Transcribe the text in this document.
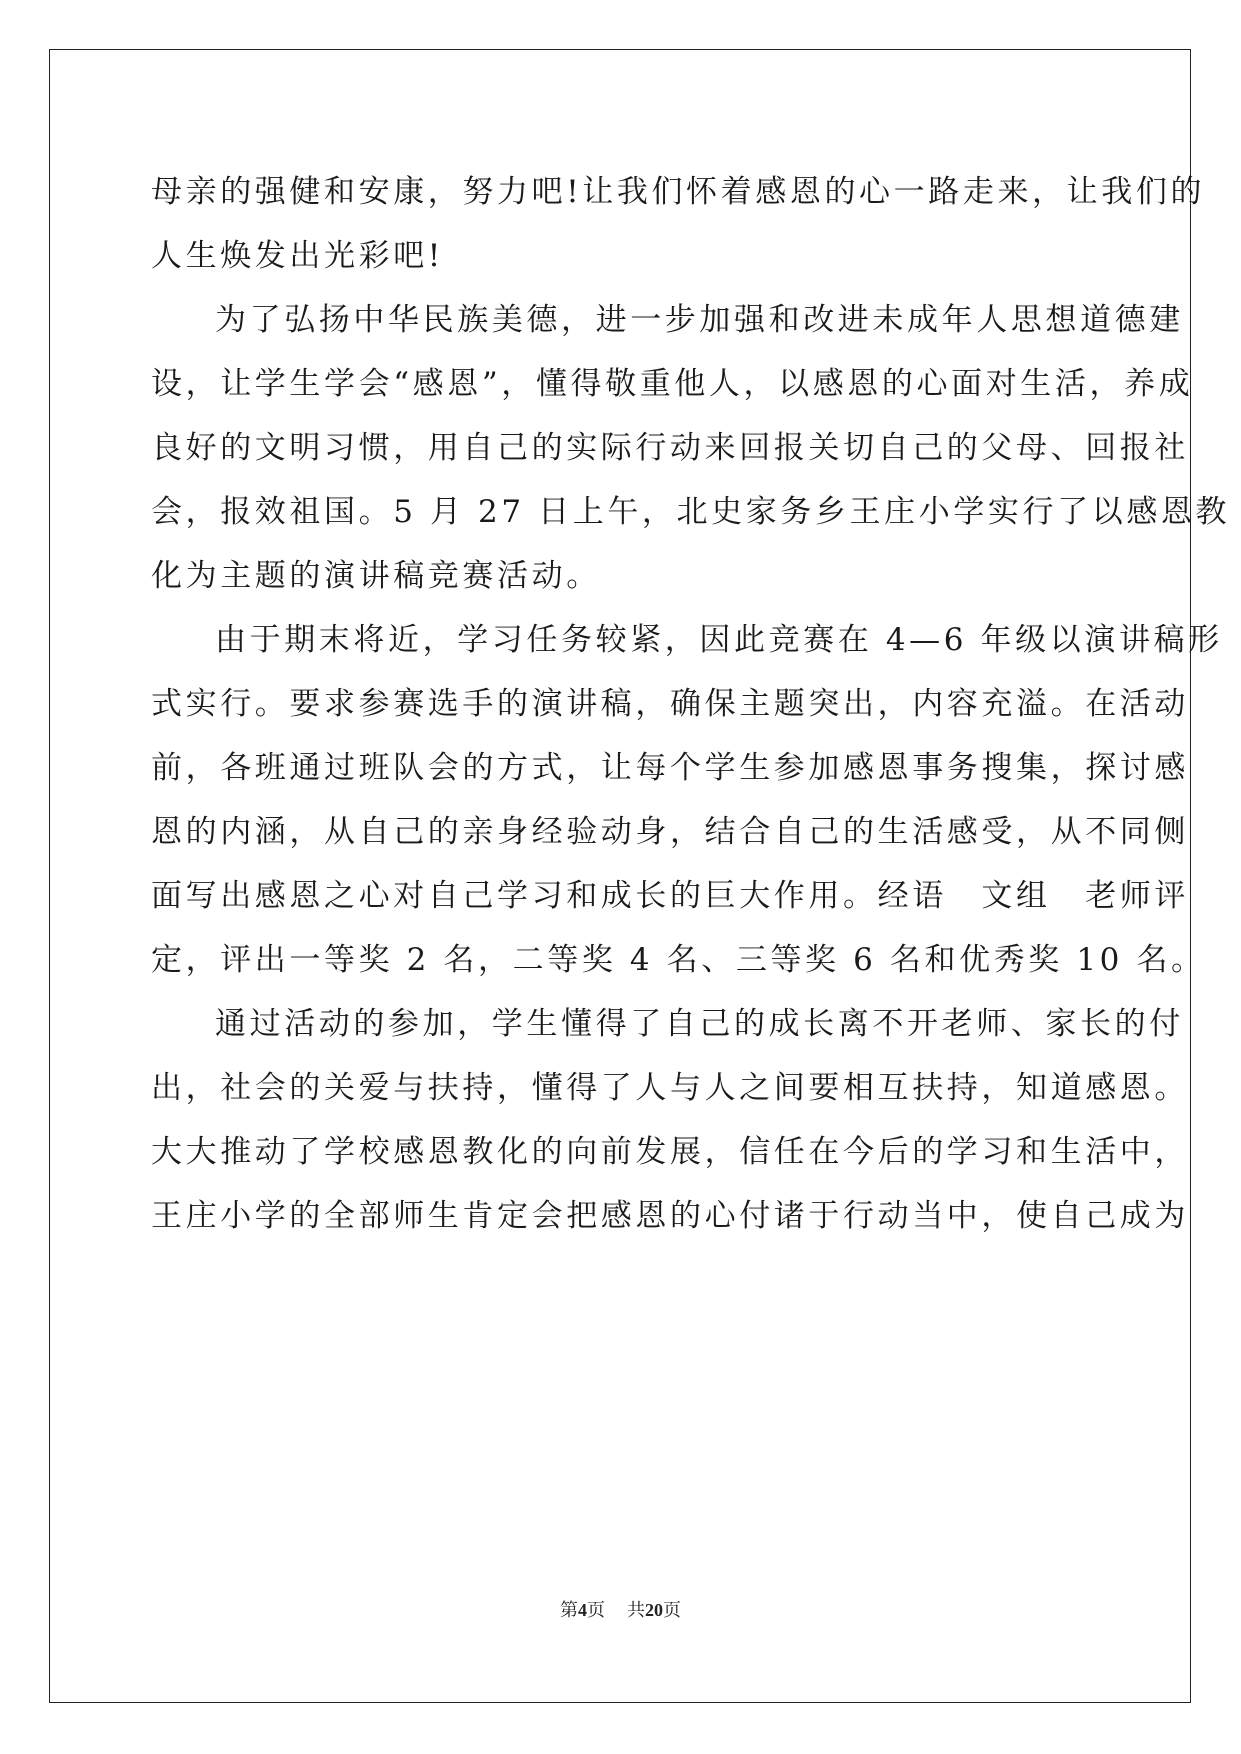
母亲的强健和安康，努力吧!让我们怀着感恩的心一路走来，让我们的
人生焕发出光彩吧!
为了弘扬中华民族美德，进一步加强和改进未成年人思想道德建
设，让学生学会“感恩”，懂得敬重他人，以感恩的心面对生活，养成
良好的文明习惯，用自己的实际行动来回报关切自己的父母、回报社
会，报效祖国。5 月 27 日上午，北史家务乡王庄小学实行了以感恩教
化为主题的演讲稿竞赛活动。
由于期末将近，学习任务较紧，因此竞赛在 4—6 年级以演讲稿形
式实行。要求参赛选手的演讲稿，确保主题突出，内容充溢。在活动
前，各班通过班队会的方式，让每个学生参加感恩事务搜集，探讨感
恩的内涵，从自己的亲身经验动身，结合自己的生活感受，从不同侧
面写出感恩之心对自己学习和成长的巨大作用。经语　文组　老师评
定，评出一等奖 2 名，二等奖 4 名、三等奖 6 名和优秀奖 10 名。
通过活动的参加，学生懂得了自己的成长离不开老师、家长的付
出，社会的关爱与扶持，懂得了人与人之间要相互扶持，知道感恩。
大大推动了学校感恩教化的向前发展，信任在今后的学习和生活中，
王庄小学的全部师生肯定会把感恩的心付诸于行动当中，使自己成为
第4页 共20页
